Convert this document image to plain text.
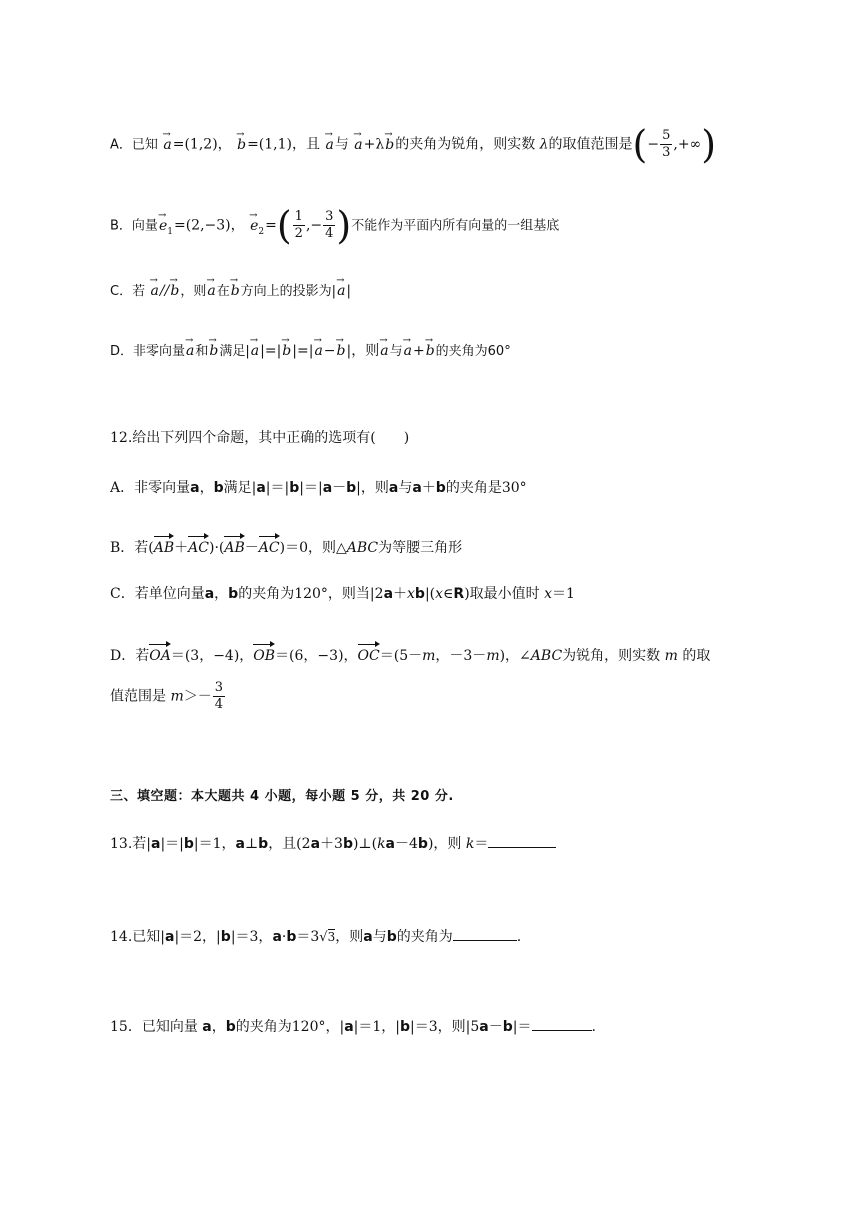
A．已知 → a=(1,2)， → b=(1,1)，且 → a与 → a+λ→ b的夹角为锐角，则实数 λ的取值范围是(− $\frac{5}{3}$ ,+∞)
B．向量→ $e_1=(2,-3)$， → $e_2=( \frac{1}{2}$ ,− $\frac{3}{4}$ )不能作为平面内所有向量的一组基底
C．若 → a//→ b，则→ a在→ b方向上的投影为|→ a|
D．非零向量→ a和→ b满足|→ a|=|→ b|=|→ a−→ b|，则→ a与→ a+→ b的夹角为60°
12.给出下列四个命题，其中正确的选项有(　　)
A．非零向量a，b满足|a|＝|b|＝|a－b|，则a与a＋b的夹角是30°
B．若(AB＋AC)·(AB－AC)＝0，则△ABC为等腰三角形
C．若单位向量a，b的夹角为120°，则当|2a＋xb|(x∈R)取最小值时 x＝1
D．若OA＝(3，−4)，OB＝(6，−3)，OC＝(5－m，－3－m)，∠ABC为锐角，则实数 m 的取
值范围是 $m>- \frac{3}{4}$
三、填空题：本大题共 4 小题，每小题 5 分，共 20 分.
13.若|a|＝|b|＝1，a⊥b，且(2a＋3b)⊥(ka－4b)，则 k＝
14.已知|a|＝2，|b|＝3，a·b＝3√3，则a与b的夹角为	.
15．已知向量 a，b的夹角为120°，|a|＝1，|b|＝3，则|5a－b|＝	.
